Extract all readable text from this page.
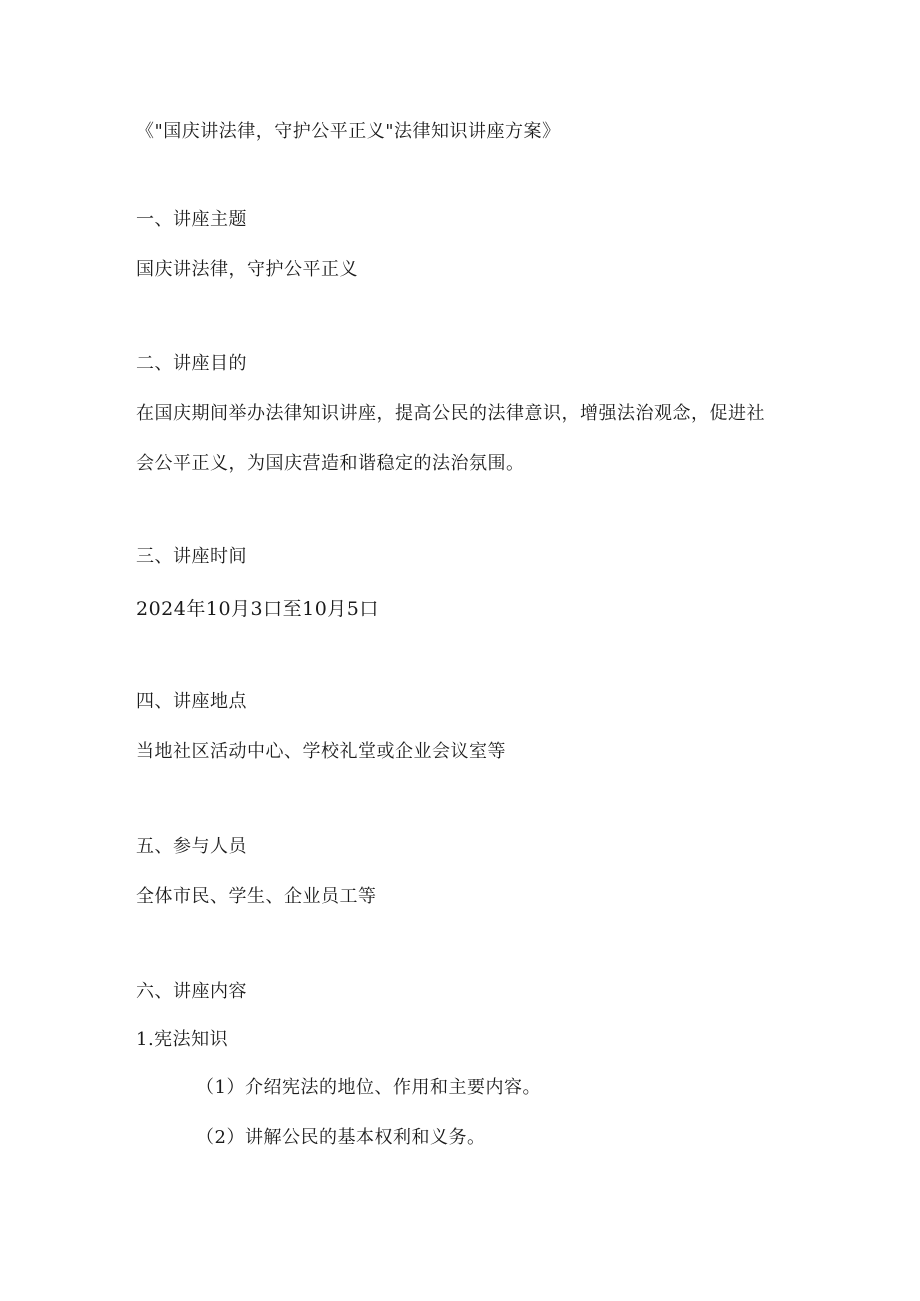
《"国庆讲法律，守护公平正义"法律知识讲座方案》
一、讲座主题
国庆讲法律，守护公平正义
二、讲座目的
在国庆期间举办法律知识讲座，提高公民的法律意识，增强法治观念，促进社
会公平正义，为国庆营造和谐稳定的法治氛围。
三、讲座时间
2024年10月3口至10月5口
四、讲座地点
当地社区活动中心、学校礼堂或企业会议室等
五、参与人员
全体市民、学生、企业员工等
六、讲座内容
1.宪法知识
（1）介绍宪法的地位、作用和主要内容。
（2）讲解公民的基本权利和义务。
